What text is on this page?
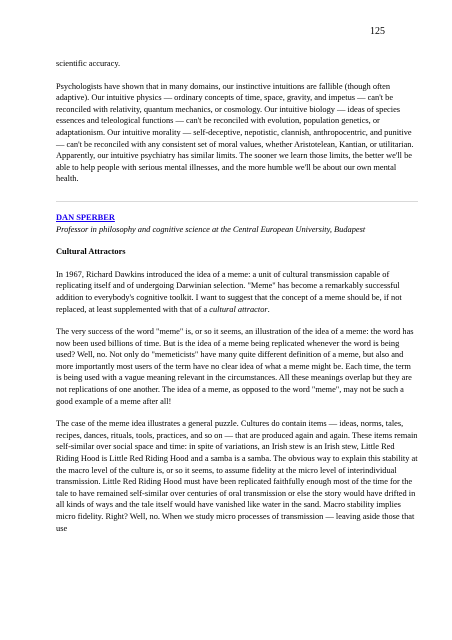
125

scientific accuracy.

Psychologists have shown that in many domains, our instinctive intuitions are fallible (though often adaptive). Our intuitive physics — ordinary concepts of time, space, gravity, and impetus — can't be reconciled with relativity, quantum mechanics, or cosmology. Our intuitive biology — ideas of species essences and teleological functions — can't be reconciled with evolution, population genetics, or adaptationism. Our intuitive morality — self-deceptive, nepotistic, clannish, anthropocentric, and punitive — can't be reconciled with any consistent set of moral values, whether Aristotelean, Kantian, or utilitarian. Apparently, our intuitive psychiatry has similar limits. The sooner we learn those limits, the better we'll be able to help people with serious mental illnesses, and the more humble we'll be about our own mental health.

DAN SPERBER

Professor in philosophy and cognitive science at the Central European University, Budapest

Cultural Attractors

In 1967, Richard Dawkins introduced the idea of a meme: a unit of cultural transmission capable of replicating itself and of undergoing Darwinian selection. "Meme" has become a remarkably successful addition to everybody's cognitive toolkit. I want to suggest that the concept of a meme should be, if not replaced, at least supplemented with that of a cultural attractor.

The very success of the word "meme" is, or so it seems, an illustration of the idea of a meme: the word has now been used billions of time. But is the idea of a meme being replicated whenever the word is being used? Well, no. Not only do "memeticists" have many quite different definition of a meme, but also and more importantly most users of the term have no clear idea of what a meme might be. Each time, the term is being used with a vague meaning relevant in the circumstances. All these meanings overlap but they are not replications of one another. The idea of a meme, as opposed to the word "meme", may not be such a good example of a meme after all!

The case of the meme idea illustrates a general puzzle. Cultures do contain items — ideas, norms, tales, recipes, dances, rituals, tools, practices, and so on — that are produced again and again. These items remain self-similar over social space and time: in spite of variations, an Irish stew is an Irish stew, Little Red Riding Hood is Little Red Riding Hood and a samba is a samba. The obvious way to explain this stability at the macro level of the culture is, or so it seems, to assume fidelity at the micro level of interindividual transmission. Little Red Riding Hood must have been replicated faithfully enough most of the time for the tale to have remained self-similar over centuries of oral transmission or else the story would have drifted in all kinds of ways and the tale itself would have vanished like water in the sand. Macro stability implies micro fidelity. Right? Well, no. When we study micro processes of transmission — leaving aside those that use
